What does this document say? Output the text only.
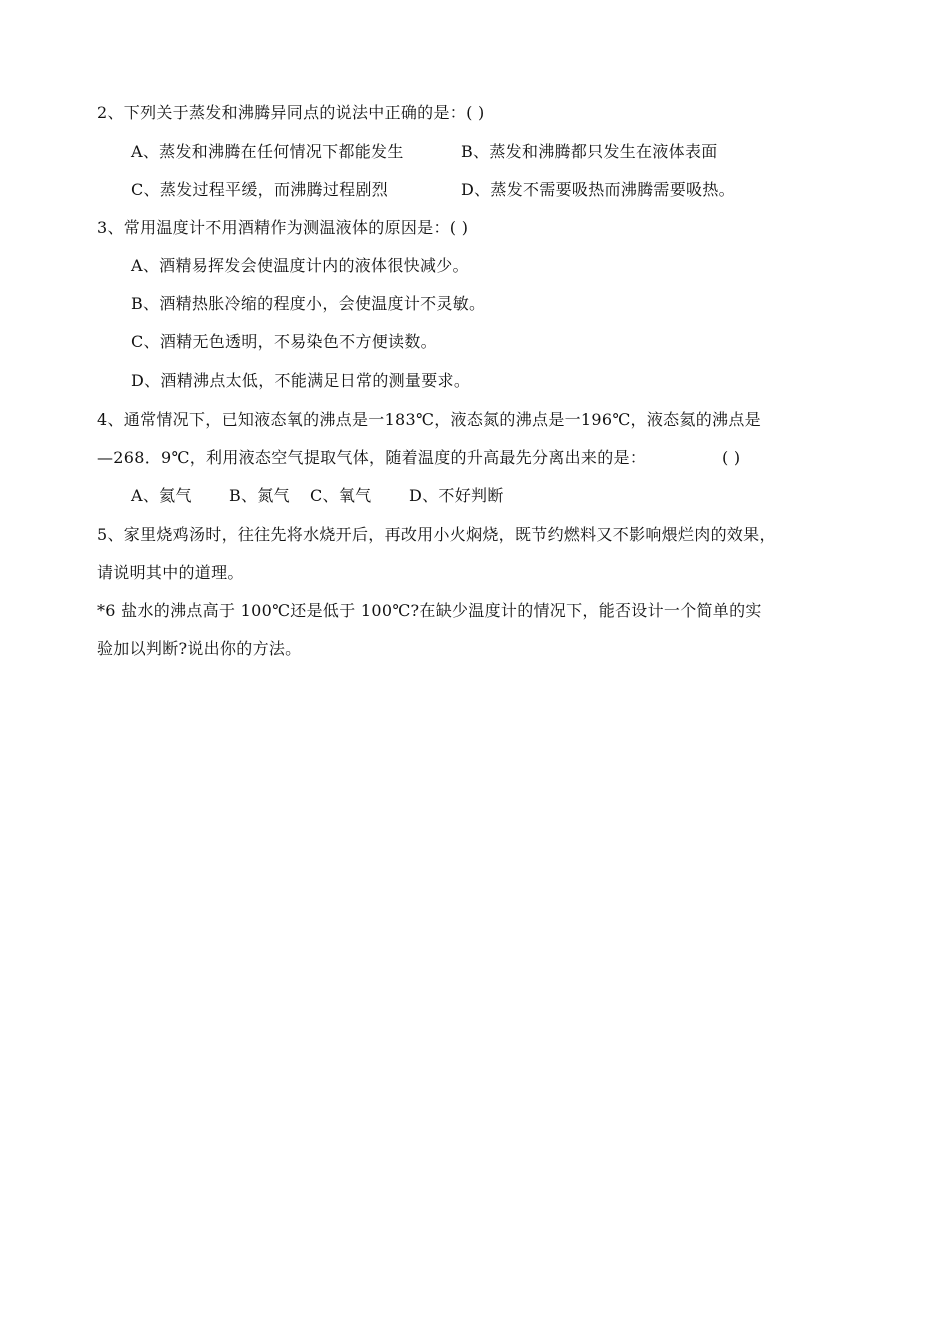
2、下列关于蒸发和沸腾异同点的说法中正确的是：( )
A、蒸发和沸腾在任何情况下都能发生	B、蒸发和沸腾都只发生在液体表面
C、蒸发过程平缓，而沸腾过程剧烈	D、蒸发不需要吸热而沸腾需要吸热。
3、常用温度计不用酒精作为测温液体的原因是：( )
A、酒精易挥发会使温度计内的液体很快减少。
B、酒精热胀冷缩的程度小，会使温度计不灵敏。
C、酒精无色透明，不易染色不方便读数。
D、酒精沸点太低，不能满足日常的测量要求。
4、通常情况下，已知液态氧的沸点是一183℃，液态氮的沸点是一196℃，液态氦的沸点是
—268．9℃，利用液态空气提取气体，随着温度的升高最先分离出来的是：	( )
A、氦气 B、氮气 C、氧气 D、不好判断
5、家里烧鸡汤时，往往先将水烧开后，再改用小火焖烧，既节约燃料又不影响煨烂肉的效果，
请说明其中的道理。
*6 盐水的沸点高于 100℃还是低于 100℃?在缺少温度计的情况下，能否设计一个简单的实
验加以判断?说出你的方法。
